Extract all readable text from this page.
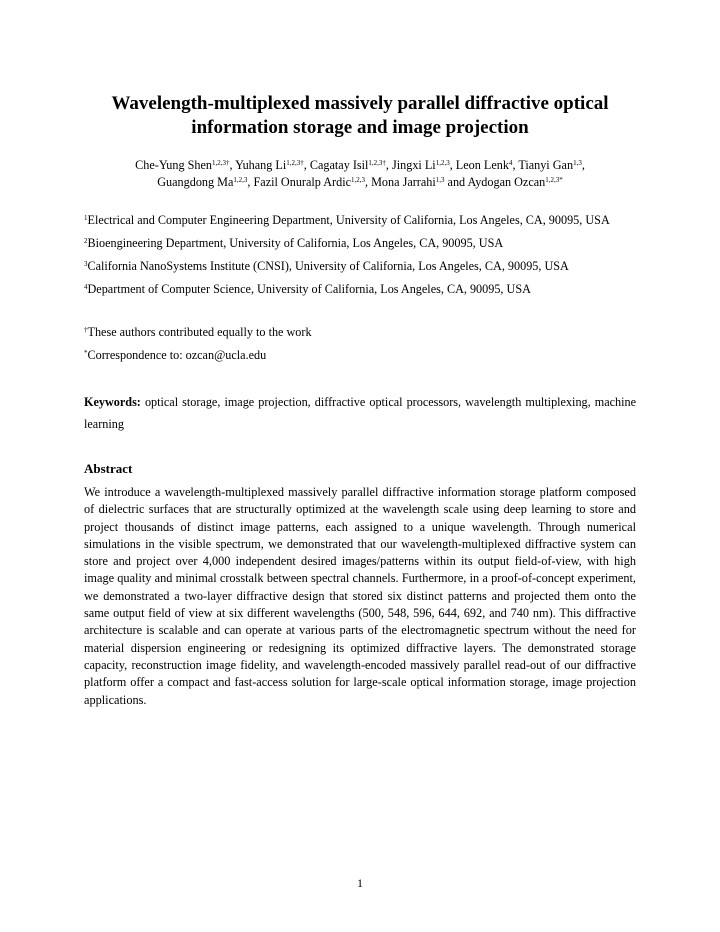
Wavelength-multiplexed massively parallel diffractive optical information storage and image projection

Che-Yung Shen$^{1,2,3\dagger}$, Yuhang $Li^{1,2,3\dagger}$, Cagatay Isil$^{1,2,3\dagger}$, Jingxi Li$^{1,2,3}$, Leon Lenk$^4$, Tianyi Gan$^{1,3}$,
Guangdong Ma$^{1,2,3}$, Fazil Onuralp Ardic$^{1,2,3}$, Mona Jarrahi$^{1,3}$ and Aydogan Ozcan$^{1,2,3*}$

$^1$Electrical and Computer Engineering Department, University of California, Los Angeles, CA, 90095, USA

$^2$Bioengineering Department, University of California, Los Angeles, CA, 90095, USA

$^3$California NanoSystems Institute (CNSI), University of California, Los Angeles, CA, 90095, USA

$^4$Department of Computer Science, University of California, Los Angeles, CA, 90095, USA

†These authors contributed equally to the work

*Correspondence to: ozcan@ucla.edu

Keywords: optical storage, image projection, diffractive optical processors, wavelength multiplexing, machine learning

Abstract

We introduce a wavelength-multiplexed massively parallel diffractive information storage platform composed of dielectric surfaces that are structurally optimized at the wavelength scale using deep learning to store and project thousands of distinct image patterns, each assigned to a unique wavelength. Through numerical simulations in the visible spectrum, we demonstrated that our wavelength-multiplexed diffractive system can store and project over 4,000 independent desired images/patterns within its output field-of-view, with high image quality and minimal crosstalk between spectral channels. Furthermore, in a proof-of-concept experiment, we demonstrated a two-layer diffractive design that stored six distinct patterns and projected them onto the same output field of view at six different wavelengths (500, 548, 596, 644, 692, and 740 nm). This diffractive architecture is scalable and can operate at various parts of the electromagnetic spectrum without the need for material dispersion engineering or redesigning its optimized diffractive layers. The demonstrated storage capacity, reconstruction image fidelity, and wavelength-encoded massively parallel read-out of our diffractive platform offer a compact and fast-access solution for large-scale optical information storage, image projection applications.

1
